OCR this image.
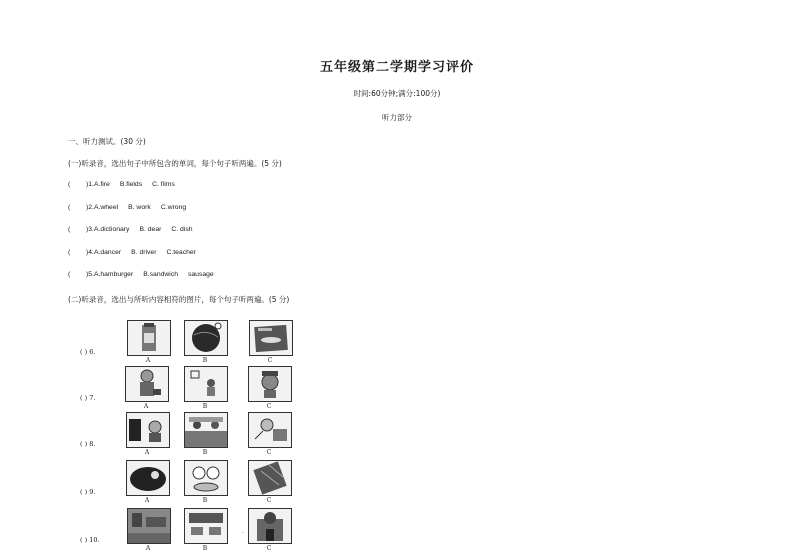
五年级第二学期学习评价
时间:60分钟;满分:100分)
听力部分
一、听力测试。(30 分)
(一)听录音，选出句子中所包含的单词，每个句子听两遍。(5 分)
( )1.A.fire B.fields C. films
( )2.A.wheel B. work C.wrong
( )3.A.dictionary B. dear C. dish
( )4.A.dancer B. driver C.teacher
( )5.A.hamburger B.sandwich sausage
(二)听录音，选出与所听内容相符的图片，每个句子听两遍。(5 分)
( ) 6.
A	B	C
( ) 7.
A	B	C
( ) 8.
A	B	C
( ) 9.
A	B	C
( ) 10.
A	B	C
.
